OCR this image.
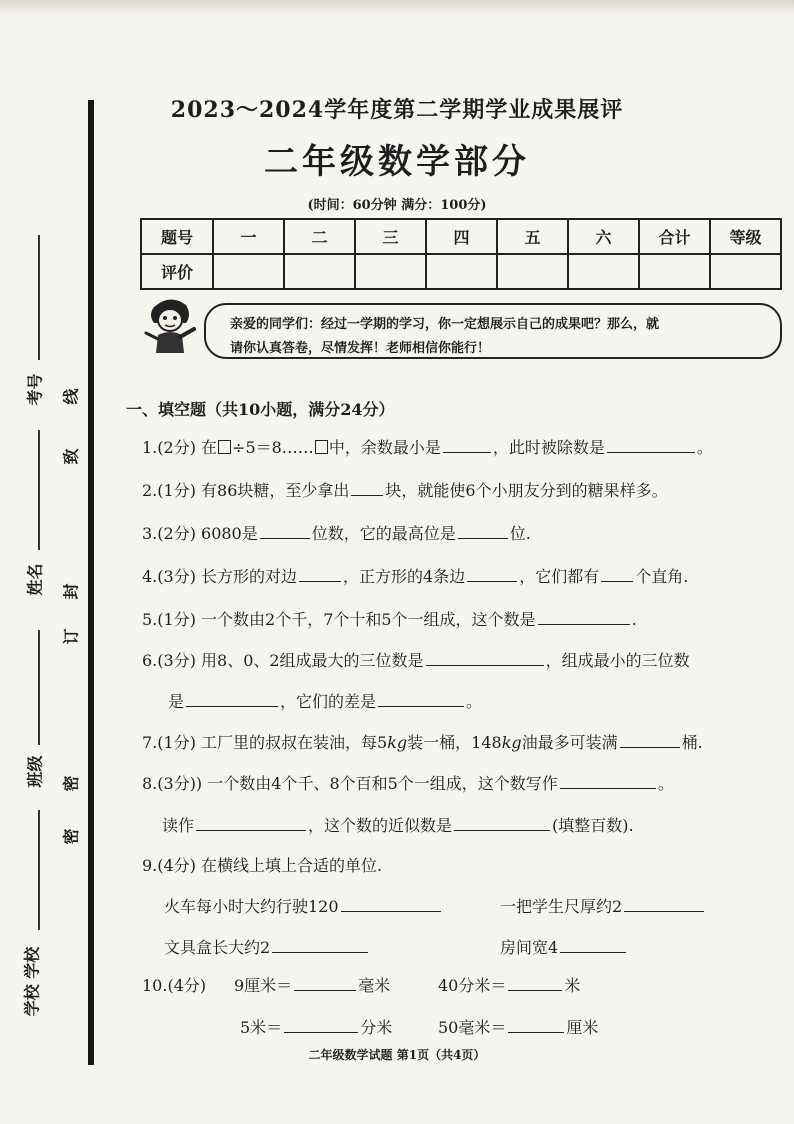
考号
姓名
班级
学校 学校
线
致
封
订
密
密
2023～2024学年度第二学期学业成果展评
二年级数学部分
(时间：60分钟 满分：100分)
题号	一	二	三	四	五	六	合计	等级
评价								
亲爱的同学们：经过一学期的学习，你一定想展示自己的成果吧？那么，就
请你认真答卷，尽情发挥！老师相信你能行！
一、填空题（共10小题，满分24分）
1.(2分) 在 ÷5＝8…… 中，余数最小是	，此时被除数是	。
2.(1分) 有86块糖，至少拿出 块，就能使6个小朋友分到的糖果样多。
3.(2分) 6080是	位数，它的最高位是	位.
4.(3分) 长方形的对边	，正方形的4条边	，它们都有 个直角.
5.(1分) 一个数由2个千，7个十和5个一组成，这个数是	.
6.(3分) 用8、0、2组成最大的三位数是	，组成最小的三位数
是	，它们的差是	。
7.(1分) 工厂里的叔叔在装油，每5kg装一桶，148kg油最多可装满	桶.
8.(3分)) 一个数由4个千、8个百和5个一组成，这个数写作	。
读作	，这个数的近似数是	(填整百数).
9.(4分) 在横线上填上合适的单位.
火车每小时大约行驶120	一把学生尺厚约2
文具盒长大约2	房间宽4
10.(4分) 9厘米＝	毫米	40分米＝	米
5米＝	分米	50毫米＝	厘米
二年级数学试题 第1页（共4页）
